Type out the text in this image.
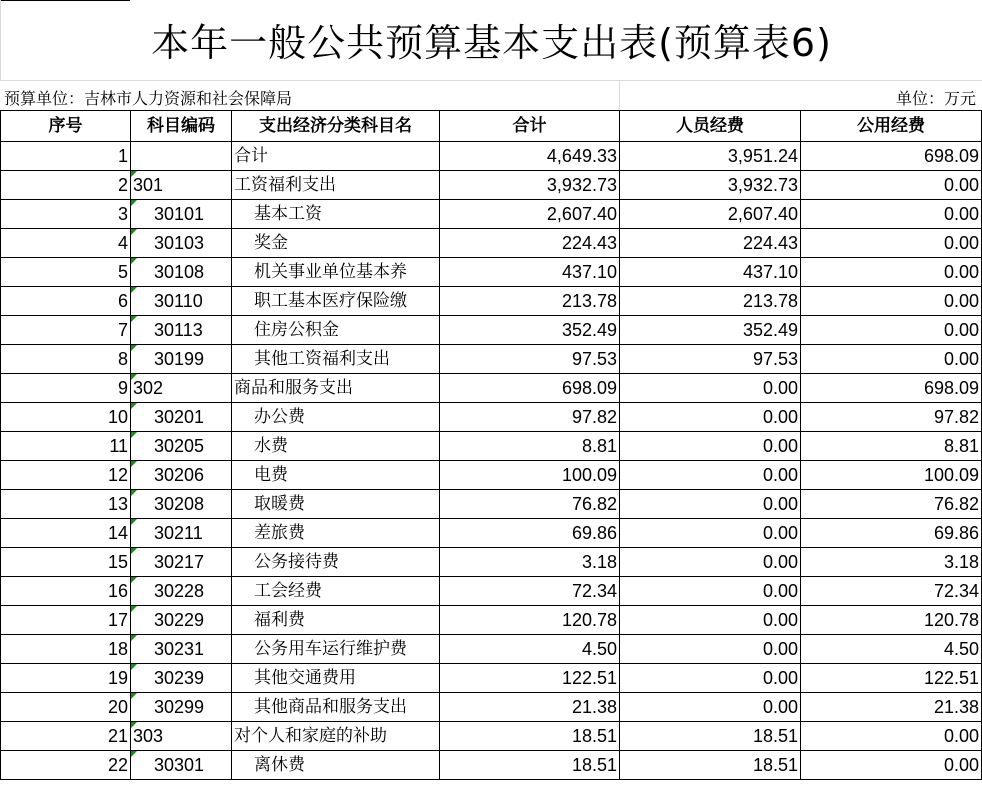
本年一般公共预算基本支出表(预算表6)
预算单位：吉林市人力资源和社会保障局	单位：万元
序号	科目编码	支出经济分类科目名	合计	人员经费	公用经费
1		合计	4,649.33	3,951.24	698.09
2	301	工资福利支出	3,932.73	3,932.73	0.00
3	30101	基本工资	2,607.40	2,607.40	0.00
4	30103	奖金	224.43	224.43	0.00
5	30108	机关事业单位基本养	437.10	437.10	0.00
6	30110	职工基本医疗保险缴	213.78	213.78	0.00
7	30113	住房公积金	352.49	352.49	0.00
8	30199	其他工资福利支出	97.53	97.53	0.00
9	302	商品和服务支出	698.09	0.00	698.09
10	30201	办公费	97.82	0.00	97.82
11	30205	水费	8.81	0.00	8.81
12	30206	电费	100.09	0.00	100.09
13	30208	取暖费	76.82	0.00	76.82
14	30211	差旅费	69.86	0.00	69.86
15	30217	公务接待费	3.18	0.00	3.18
16	30228	工会经费	72.34	0.00	72.34
17	30229	福利费	120.78	0.00	120.78
18	30231	公务用车运行维护费	4.50	0.00	4.50
19	30239	其他交通费用	122.51	0.00	122.51
20	30299	其他商品和服务支出	21.38	0.00	21.38
21	303	对个人和家庭的补助	18.51	18.51	0.00
22	30301	离休费	18.51	18.51	0.00
